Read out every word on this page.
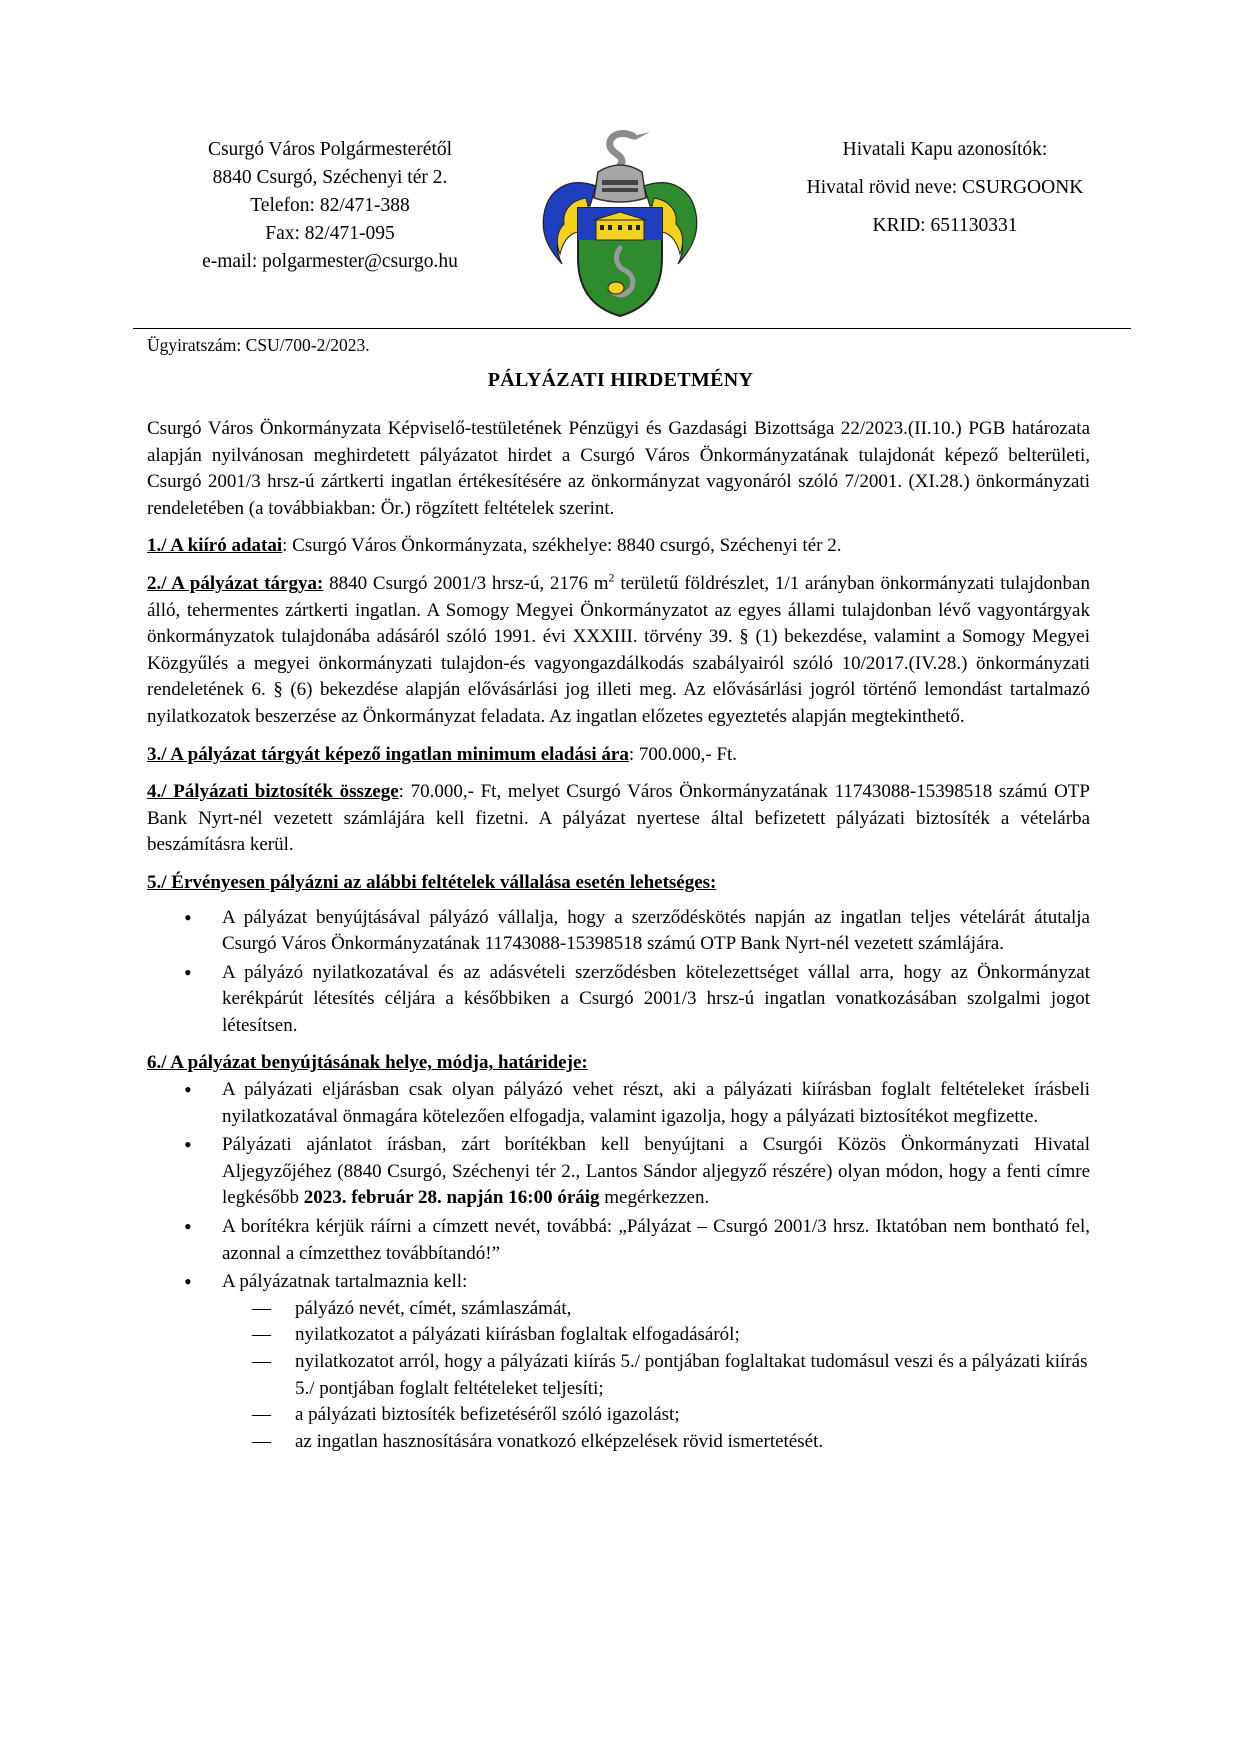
Csurgó Város Polgármesterétől
8840 Csurgó, Széchenyi tér 2.
Telefon: 82/471-388
Fax: 82/471-095
e-mail: polgarmester@csurgo.hu
Hivatali Kapu azonosítók:
Hivatal rövid neve: CSURGOONK
KRID: 651130331
Ügyiratszám: CSU/700-2/2023.
PÁLYÁZATI HIRDETMÉNY

Csurgó Város Önkormányzata Képviselő-testületének Pénzügyi és Gazdasági Bizottsága 22/2023.(II.10.) PGB határozata alapján nyilvánosan meghirdetett pályázatot hirdet a Csurgó Város Önkormányzatának tulajdonát képező belterületi, Csurgó 2001/3 hrsz-ú zártkerti ingatlan értékesítésére az önkormányzat vagyonáról szóló 7/2001. (XI.28.) önkormányzati rendeletében (a továbbiakban: Ör.) rögzített feltételek szerint.

1./ A kiíró adatai: Csurgó Város Önkormányzata, székhelye: 8840 csurgó, Széchenyi tér 2.

2./ A pályázat tárgya: 8840 Csurgó 2001/3 hrsz-ú, 2176 $m^2$ területű földrészlet, 1/1 arányban önkormányzati tulajdonban álló, tehermentes zártkerti ingatlan. A Somogy Megyei Önkormányzatot az egyes állami tulajdonban lévő vagyontárgyak önkormányzatok tulajdonába adásáról szóló 1991. évi XXXIII. törvény 39. § (1) bekezdése, valamint a Somogy Megyei Közgyűlés a megyei önkormányzati tulajdon-és vagyongazdálkodás szabályairól szóló 10/2017.(IV.28.) önkormányzati rendeletének 6. § (6) bekezdése alapján elővásárlási jog illeti meg. Az elővásárlási jogról történő lemondást tartalmazó nyilatkozatok beszerzése az Önkormányzat feladata. Az ingatlan előzetes egyeztetés alapján megtekinthető.

3./ A pályázat tárgyát képező ingatlan minimum eladási ára: 700.000,- Ft.

4./ Pályázati biztosíték összege: 70.000,- Ft, melyet Csurgó Város Önkormányzatának 11743088-15398518 számú OTP Bank Nyrt-nél vezetett számlájára kell fizetni. A pályázat nyertese által befizetett pályázati biztosíték a vételárba beszámításra kerül.

5./ Érvényesen pályázni az alábbi feltételek vállalása esetén lehetséges:
• A pályázat benyújtásával pályázó vállalja, hogy a szerződéskötés napján az ingatlan teljes vételárát átutalja Csurgó Város Önkormányzatának 11743088-15398518 számú OTP Bank Nyrt-nél vezetett számlájára.
• A pályázó nyilatkozatával és az adásvételi szerződésben kötelezettséget vállal arra, hogy az Önkormányzat kerékpárút létesítés céljára a későbbiken a Csurgó 2001/3 hrsz-ú ingatlan vonatkozásában szolgalmi jogot létesítsen.
6./ A pályázat benyújtásának helye, módja, határideje:
• A pályázati eljárásban csak olyan pályázó vehet részt, aki a pályázati kiírásban foglalt feltételeket írásbeli nyilatkozatával önmagára kötelezően elfogadja, valamint igazolja, hogy a pályázati biztosítékot megfizette.
• Pályázati ajánlatot írásban, zárt borítékban kell benyújtani a Csurgói Közös Önkormányzati Hivatal Aljegyzőjéhez (8840 Csurgó, Széchenyi tér 2., Lantos Sándor aljegyző részére) olyan módon, hogy a fenti címre legkésőbb 2023. február 28. napján 16:00 óráig megérkezzen.
• A borítékra kérjük ráírni a címzett nevét, továbbá: „Pályázat – Csurgó 2001/3 hrsz. Iktatóban nem bontható fel, azonnal a címzetthez továbbítandó!”
• A pályázatnak tartalmaznia kell:
— pályázó nevét, címét, számlaszámát,
— nyilatkozatot a pályázati kiírásban foglaltak elfogadásáról;
— nyilatkozatot arról, hogy a pályázati kiírás 5./ pontjában foglaltakat tudomásul veszi és a pályázati kiírás 5./ pontjában foglalt feltételeket teljesíti;
— a pályázati biztosíték befizetéséről szóló igazolást;
— az ingatlan hasznosítására vonatkozó elképzelések rövid ismertetését.
